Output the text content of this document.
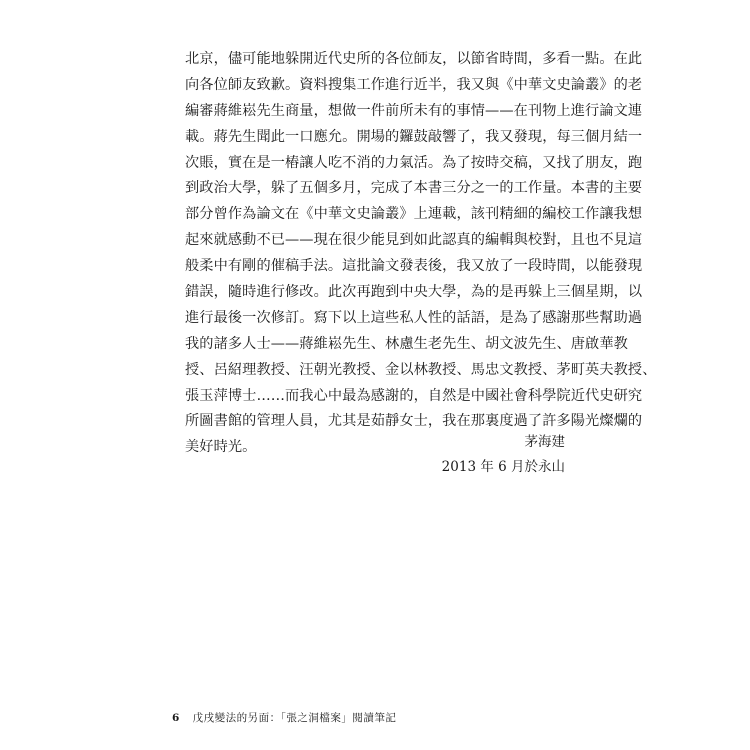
北京，儘可能地躲開近代史所的各位師友，以節省時間，多看一點。在此
向各位師友致歉。資料搜集工作進行近半，我又與《中華文史論叢》的老
編審蔣維崧先生商量，想做一件前所未有的事情——在刊物上進行論文連
載。蔣先生聞此一口應允。開場的鑼鼓敲響了，我又發現，每三個月結一
次賬，實在是一樁讓人吃不消的力氣活。為了按時交稿，又找了朋友，跑
到政治大學，躲了五個多月，完成了本書三分之一的工作量。本書的主要
部分曾作為論文在《中華文史論叢》上連載，該刊精細的編校工作讓我想
起來就感動不已——現在很少能見到如此認真的編輯與校對，且也不見這
般柔中有剛的催稿手法。這批論文發表後，我又放了一段時間，以能發現
錯誤，隨時進行修改。此次再跑到中央大學，為的是再躲上三個星期，以
進行最後一次修訂。寫下以上這些私人性的話語，是為了感謝那些幫助過
我的諸多人士——蔣維崧先生、林慮生老先生、胡文波先生、唐啟華教
授、呂紹理教授、汪朝光教授、金以林教授、馬忠文教授、茅町英夫教授、
張玉萍博士……而我心中最為感謝的，自然是中國社會科學院近代史研究
所圖書館的管理人員，尤其是茹靜女士，我在那裏度過了許多陽光燦爛的
美好時光。	茅海建
2013 年 6 月於永山
6 戊戌變法的另面：「張之洞檔案」閱讀筆記
